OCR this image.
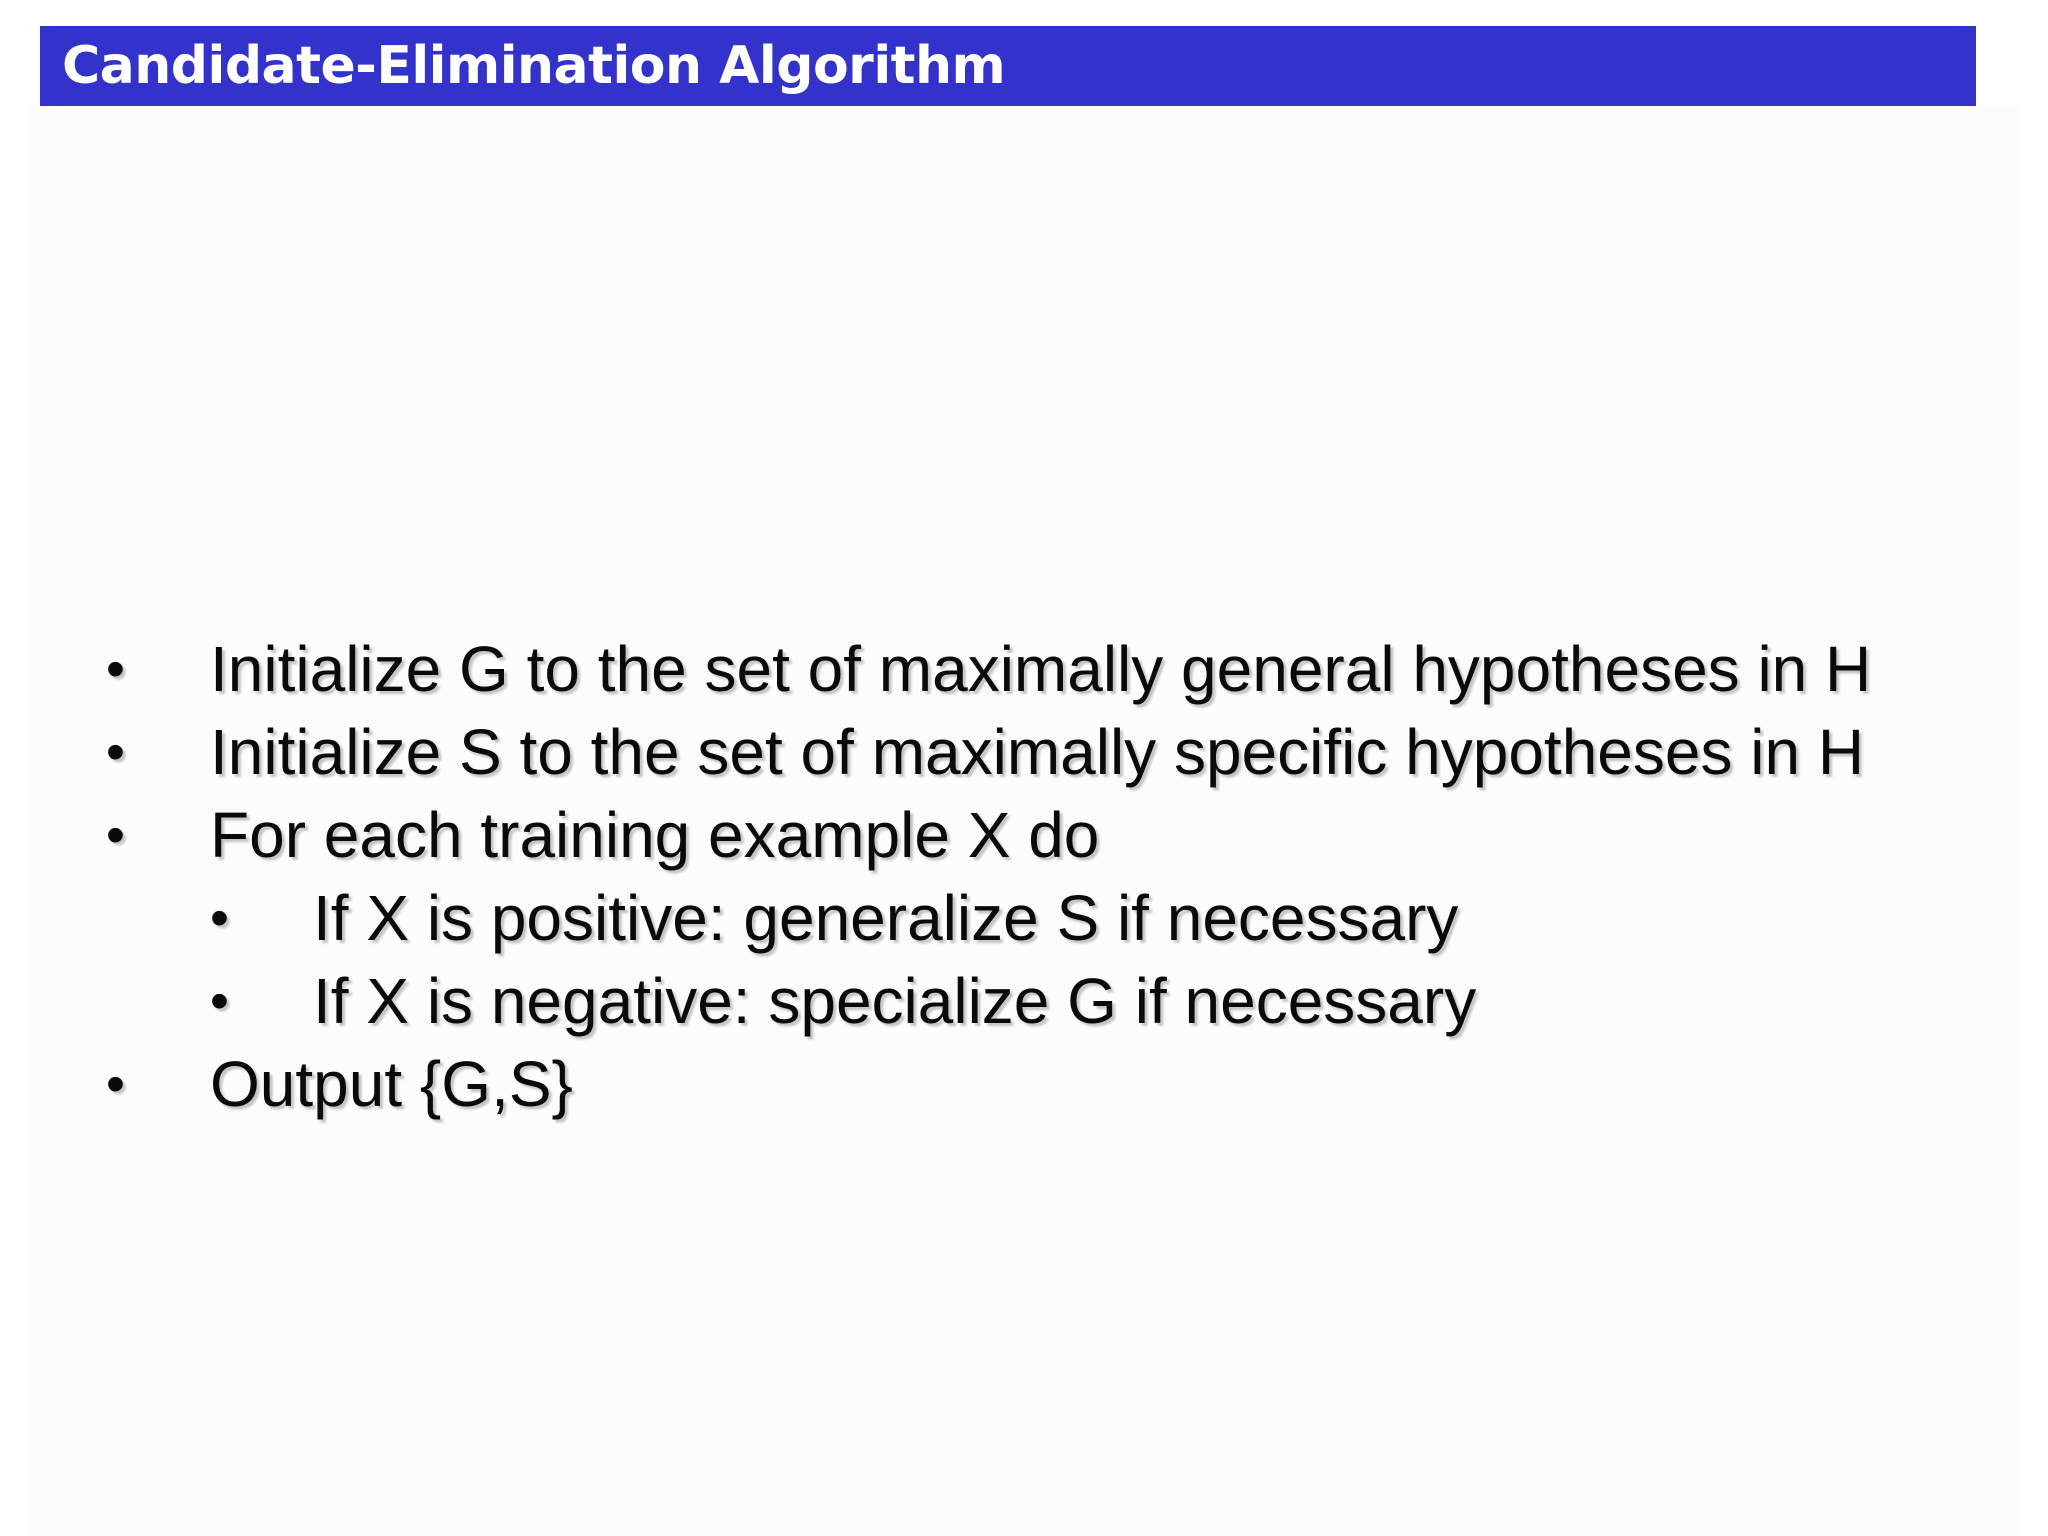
Candidate-Elimination Algorithm
• Initialize G to the set of maximally general hypotheses in H
• Initialize S to the set of maximally specific hypotheses in H
• For each training example X do
• If X is positive: generalize S if necessary
• If X is negative: specialize G if necessary
• Output {G,S}
